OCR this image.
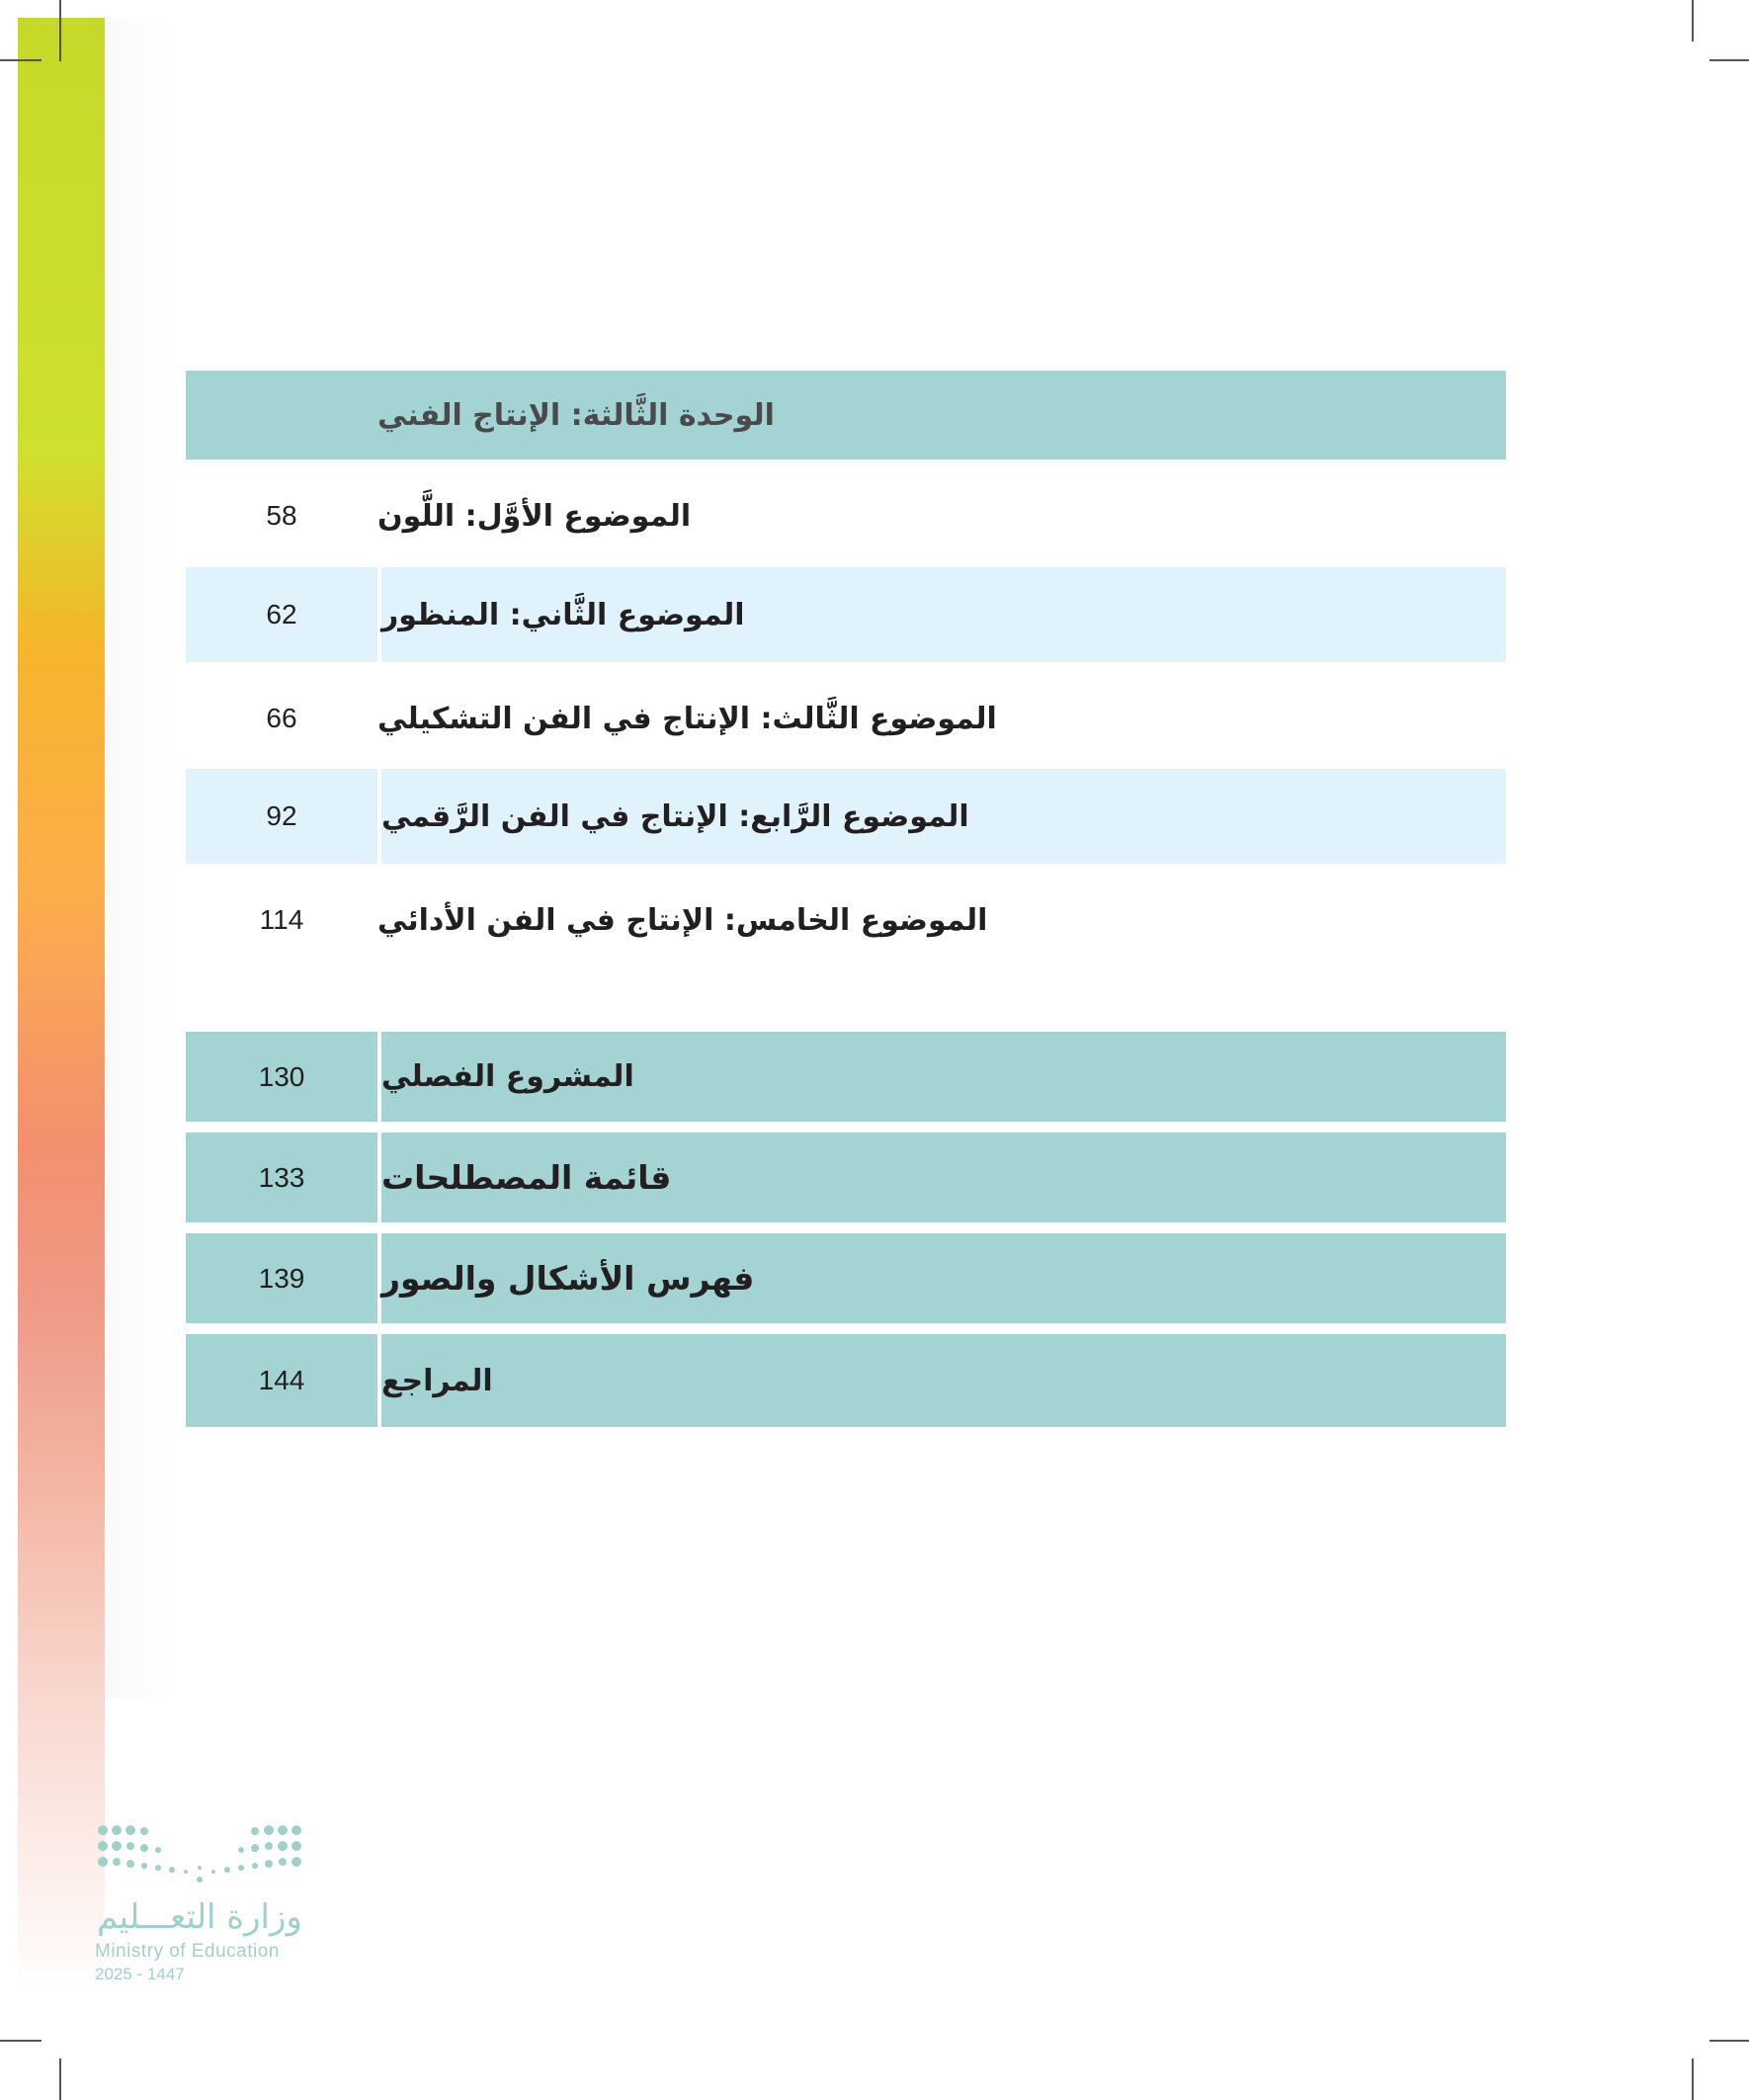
الوحدة الثَّالثة: الإنتاج الفني
58	الموضوع الأوَّل: اللَّون
62	الموضوع الثَّاني: المنظور
66	الموضوع الثَّالث: الإنتاج في الفن التشكيلي
92	الموضوع الرَّابع: الإنتاج في الفن الرَّقمي
114	الموضوع الخامس: الإنتاج في الفن الأدائي
130	المشروع الفصلي
133	قائمة المصطلحات
139	فهرس الأشكال والصور
144	المراجع
وزارة التعـــليم
Ministry of Education
2025 - 1447
